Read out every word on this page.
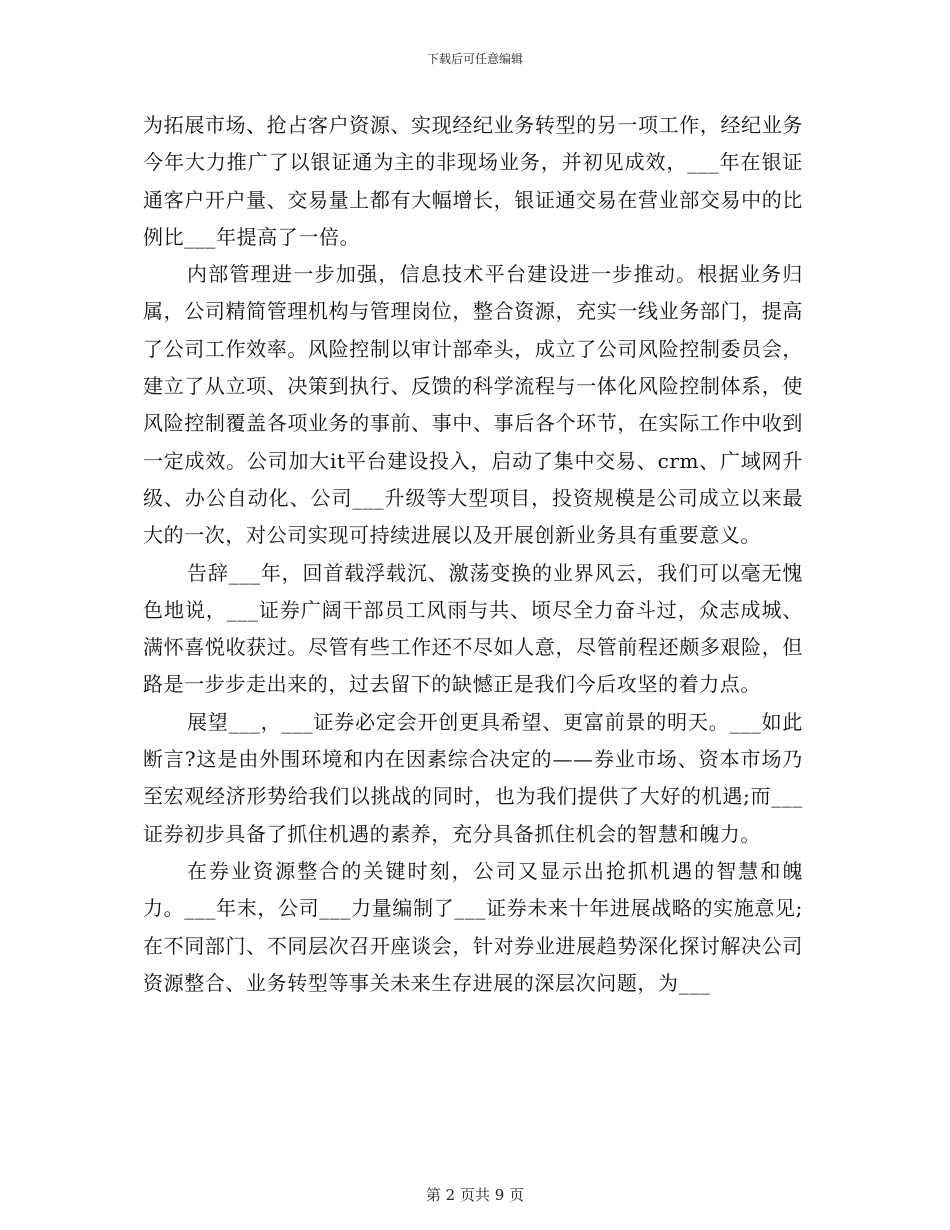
下载后可任意编辑

为拓展市场、抢占客户资源、实现经纪业务转型的另一项工作，经纪业务今年大力推广了以银证通为主的非现场业务，并初见成效，___年在银证通客户开户量、交易量上都有大幅增长，银证通交易在营业部交易中的比例比___年提高了一倍。

内部管理进一步加强，信息技术平台建设进一步推动。根据业务归属，公司精简管理机构与管理岗位，整合资源，充实一线业务部门，提高了公司工作效率。风险控制以审计部牵头，成立了公司风险控制委员会，建立了从立项、决策到执行、反馈的科学流程与一体化风险控制体系，使风险控制覆盖各项业务的事前、事中、事后各个环节，在实际工作中收到一定成效。公司加大it平台建设投入，启动了集中交易、crm、广域网升级、办公自动化、公司___升级等大型项目，投资规模是公司成立以来最大的一次，对公司实现可持续进展以及开展创新业务具有重要意义。

告辞___年，回首载浮载沉、激荡变换的业界风云，我们可以毫无愧色地说，___证券广阔干部员工风雨与共、顷尽全力奋斗过，众志成城、满怀喜悦收获过。尽管有些工作还不尽如人意，尽管前程还颇多艰险，但路是一步步走出来的，过去留下的缺憾正是我们今后攻坚的着力点。

展望___，___证券必定会开创更具希望、更富前景的明天。___如此断言?这是由外围环境和内在因素综合决定的——券业市场、资本市场乃至宏观经济形势给我们以挑战的同时，也为我们提供了大好的机遇;而___证券初步具备了抓住机遇的素养，充分具备抓住机会的智慧和魄力。

在券业资源整合的关键时刻，公司又显示出抢抓机遇的智慧和魄力。___年末，公司___力量编制了___证券未来十年进展战略的实施意见;在不同部门、不同层次召开座谈会，针对券业进展趋势深化探讨解决公司资源整合、业务转型等事关未来生存进展的深层次问题，为___

第 2 页共 9 页
